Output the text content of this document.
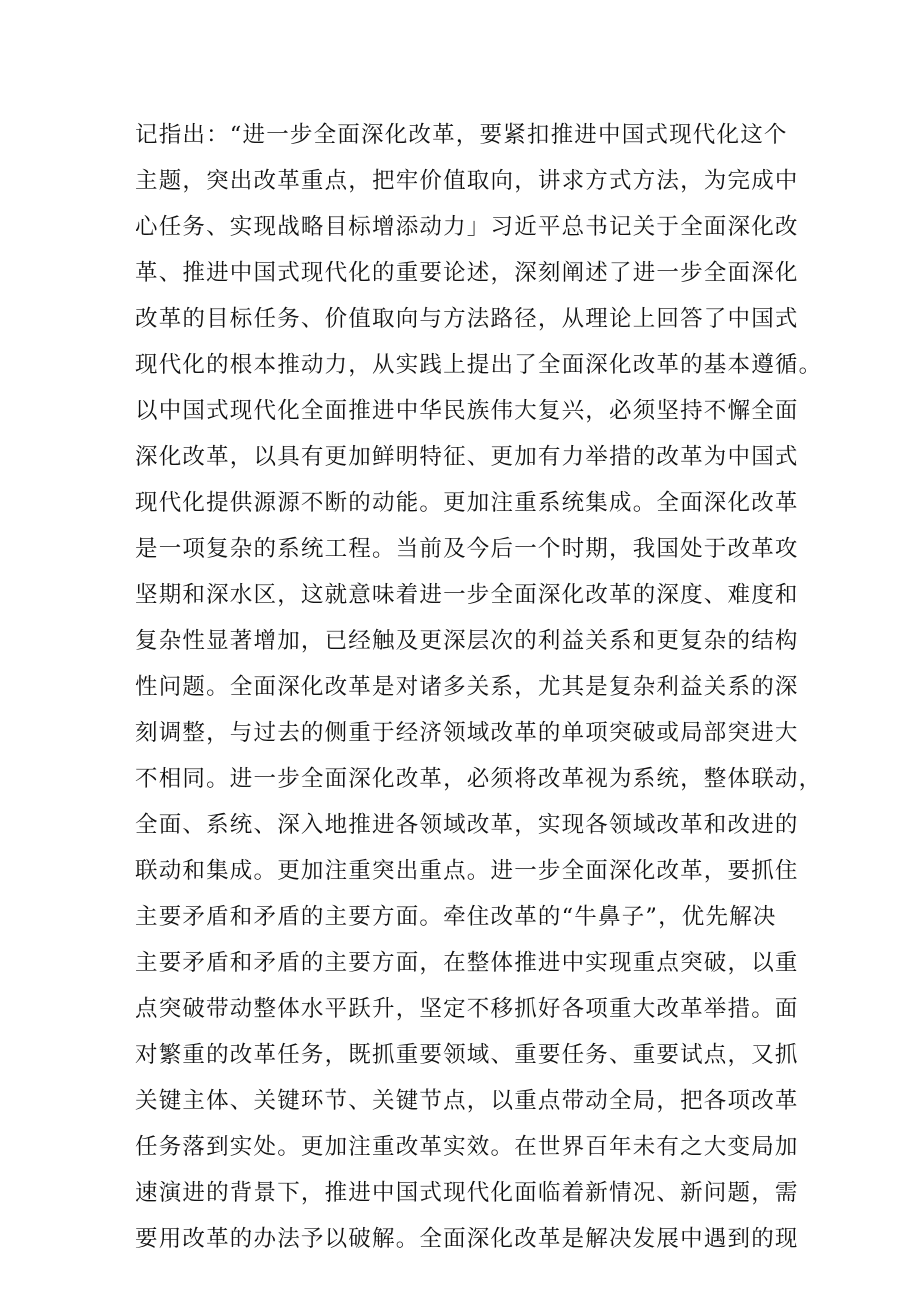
记指出：“进一步全面深化改革，要紧扣推进中国式现代化这个
主题，突出改革重点，把牢价值取向，讲求方式方法，为完成中
心任务、实现战略目标增添动力」习近平总书记关于全面深化改
革、推进中国式现代化的重要论述，深刻阐述了进一步全面深化
改革的目标任务、价值取向与方法路径，从理论上回答了中国式
现代化的根本推动力，从实践上提出了全面深化改革的基本遵循。
以中国式现代化全面推进中华民族伟大复兴，必须坚持不懈全面
深化改革，以具有更加鲜明特征、更加有力举措的改革为中国式
现代化提供源源不断的动能。更加注重系统集成。全面深化改革
是一项复杂的系统工程。当前及今后一个时期，我国处于改革攻
坚期和深水区，这就意味着进一步全面深化改革的深度、难度和
复杂性显著增加，已经触及更深层次的利益关系和更复杂的结构
性问题。全面深化改革是对诸多关系，尤其是复杂利益关系的深
刻调整，与过去的侧重于经济领域改革的单项突破或局部突进大
不相同。进一步全面深化改革，必须将改革视为系统，整体联动，
全面、系统、深入地推进各领域改革，实现各领域改革和改进的
联动和集成。更加注重突出重点。进一步全面深化改革，要抓住
主要矛盾和矛盾的主要方面。牵住改革的“牛鼻子”，优先解决
主要矛盾和矛盾的主要方面，在整体推进中实现重点突破，以重
点突破带动整体水平跃升，坚定不移抓好各项重大改革举措。面
对繁重的改革任务，既抓重要领域、重要任务、重要试点，又抓
关键主体、关键环节、关键节点，以重点带动全局，把各项改革
任务落到实处。更加注重改革实效。在世界百年未有之大变局加
速演进的背景下，推进中国式现代化面临着新情况、新问题，需
要用改革的办法予以破解。全面深化改革是解决发展中遇到的现
